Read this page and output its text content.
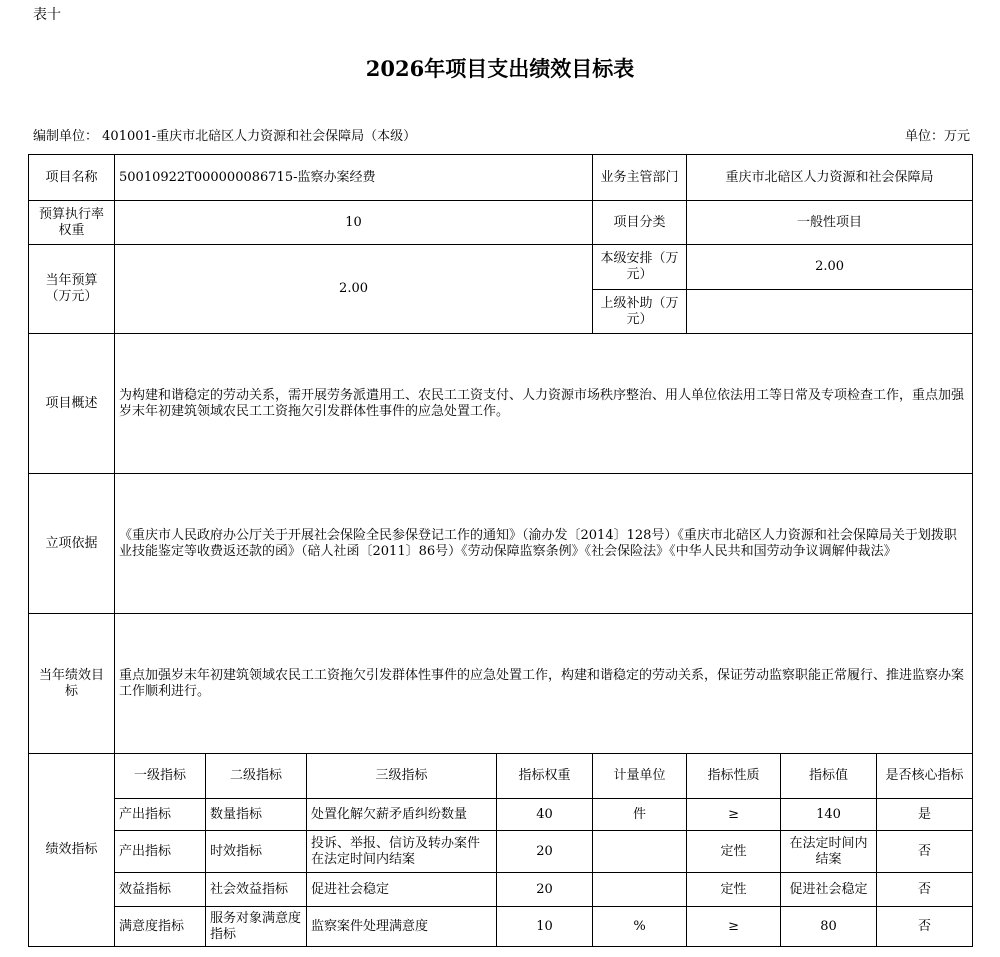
表十
2026年项目支出绩效目标表
编制单位： 401001-重庆市北碚区人力资源和社会保障局（本级）	单位：万元
项目名称	50010922T000000086715-监察办案经费				业务主管部门	重庆市北碚区人力资源和社会保障局		
预算执行率权重	10				项目分类	一般性项目		
当年预算（万元）	2.00				本级安排（万元）	2.00		
					上级补助（万元）			
项目概述	为构建和谐稳定的劳动关系，需开展劳务派遣用工、农民工工资支付、人力资源市场秩序整治、用人单位依法用工等日常及专项检查工作，重点加强岁末年初建筑领域农民工工资拖欠引发群体性事件的应急处置工作。							
立项依据	《重庆市人民政府办公厅关于开展社会保险全民参保登记工作的通知》（渝办发〔2014〕128号）《重庆市北碚区人力资源和社会保障局关于划拨职业技能鉴定等收费返还款的函》（碚人社函〔2011〕86号）《劳动保障监察条例》《社会保险法》《中华人民共和国劳动争议调解仲裁法》							
当年绩效目标	重点加强岁末年初建筑领域农民工工资拖欠引发群体性事件的应急处置工作，构建和谐稳定的劳动关系，保证劳动监察职能正常履行、推进监察办案工作顺利进行。							
绩效指标	一级指标	二级指标	三级指标	指标权重	计量单位	指标性质	指标值	是否核心指标
	产出指标	数量指标	处置化解欠薪矛盾纠纷数量	40	件	≥	140	是
	产出指标	时效指标	投诉、举报、信访及转办案件在法定时间内结案	20		定性	在法定时间内结案	否
	效益指标	社会效益指标	促进社会稳定	20		定性	促进社会稳定	否
	满意度指标	服务对象满意度指标	监察案件处理满意度	10	%	≥	80	否
